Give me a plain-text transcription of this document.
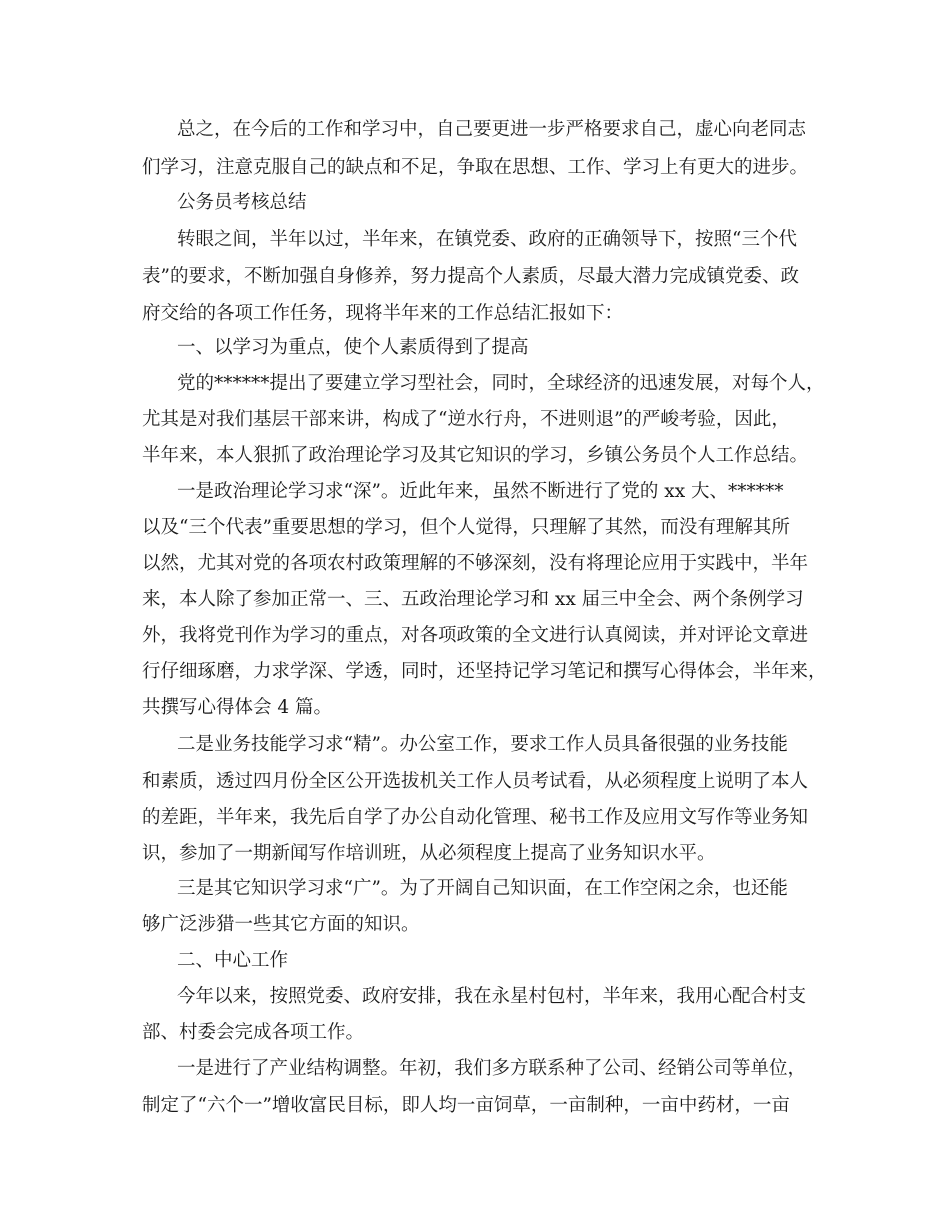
总之，在今后的工作和学习中，自己要更进一步严格要求自己，虚心向老同志
们学习，注意克服自己的缺点和不足，争取在思想、工作、学习上有更大的进步。
公务员考核总结
转眼之间，半年以过，半年来，在镇党委、政府的正确领导下，按照“三个代
表”的要求，不断加强自身修养，努力提高个人素质，尽最大潜力完成镇党委、政
府交给的各项工作任务，现将半年来的工作总结汇报如下：
一、以学习为重点，使个人素质得到了提高
党的******提出了要建立学习型社会，同时，全球经济的迅速发展，对每个人，
尤其是对我们基层干部来讲，构成了“逆水行舟，不进则退”的严峻考验，因此，
半年来，本人狠抓了政治理论学习及其它知识的学习，乡镇公务员个人工作总结。
一是政治理论学习求“深”。近此年来，虽然不断进行了党的 xx 大、******
以及“三个代表”重要思想的学习，但个人觉得，只理解了其然，而没有理解其所
以然，尤其对党的各项农村政策理解的不够深刻，没有将理论应用于实践中，半年
来，本人除了参加正常一、三、五政治理论学习和 xx 届三中全会、两个条例学习
外，我将党刊作为学习的重点，对各项政策的全文进行认真阅读，并对评论文章进
行仔细琢磨，力求学深、学透，同时，还坚持记学习笔记和撰写心得体会，半年来，
共撰写心得体会 4 篇。
二是业务技能学习求“精”。办公室工作，要求工作人员具备很强的业务技能
和素质，透过四月份全区公开选拔机关工作人员考试看，从必须程度上说明了本人
的差距，半年来，我先后自学了办公自动化管理、秘书工作及应用文写作等业务知
识，参加了一期新闻写作培训班，从必须程度上提高了业务知识水平。
三是其它知识学习求“广”。为了开阔自己知识面，在工作空闲之余，也还能
够广泛涉猎一些其它方面的知识。
二、中心工作
今年以来，按照党委、政府安排，我在永星村包村，半年来，我用心配合村支
部、村委会完成各项工作。
一是进行了产业结构调整。年初，我们多方联系种了公司、经销公司等单位，
制定了“六个一”增收富民目标，即人均一亩饲草，一亩制种，一亩中药材，一亩
